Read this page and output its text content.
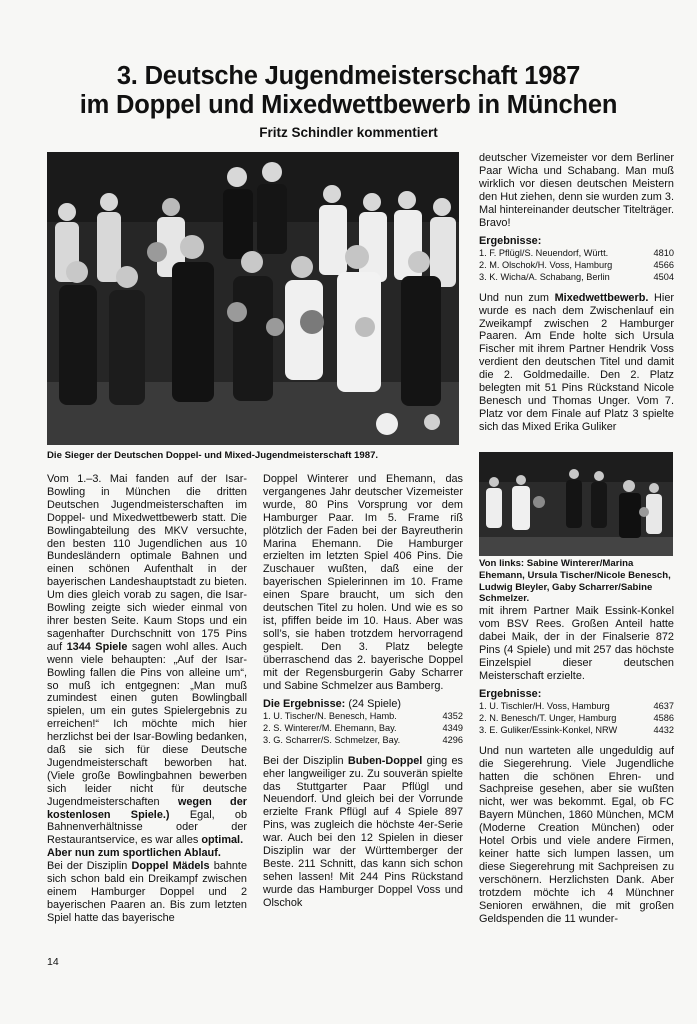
3. Deutsche Jugendmeisterschaft 1987
im Doppel und Mixedwettbewerb in München
Fritz Schindler kommentiert
Die Sieger der Deutschen Doppel- und Mixed-Jugendmeisterschaft 1987.

Vom 1.–3. Mai fanden auf der Isar-Bowling in München die dritten Deutschen Jugendmeisterschaften im Doppel- und Mixedwettbewerb statt. Die Bowlingabteilung des MKV versuchte, den besten 110 Jugendlichen aus 10 Bundesländern optimale Bahnen und einen schönen Aufenthalt in der bayerischen Landeshauptstadt zu bieten. Um dies gleich vorab zu sagen, die Isar-Bowling zeigte sich wieder einmal von ihrer besten Seite. Kaum Stops und ein sagenhafter Durchschnitt von 175 Pins auf 1344 Spiele sagen wohl alles. Auch wenn viele behaupten: „Auf der Isar-Bowling fallen die Pins von alleine um“, so muß ich entgegnen: „Man muß zumindest einen guten Bowlingball spielen, um ein gutes Spielergebnis zu erreichen!“ Ich möchte mich hier herzlichst bei der Isar-Bowling bedanken, daß sie sich für diese Deutsche Jugendmeisterschaft beworben hat. (Viele große Bowlingbahnen bewerben sich leider nicht für deutsche Jugendmeisterschaften wegen der kostenlosen Spiele.) Egal, ob Bahnenverhältnisse oder der Restaurantservice, es war alles optimal.

Aber nun zum sportlichen Ablauf.

Bei der Disziplin Doppel Mädels bahnte sich schon bald ein Dreikampf zwischen einem Hamburger Doppel und 2 bayerischen Paaren an. Bis zum letzten Spiel hatte das bayerische

Doppel Winterer und Ehemann, das vergangenes Jahr deutscher Vizemeister wurde, 80 Pins Vorsprung vor dem Hamburger Paar. Im 5. Frame riß plötzlich der Faden bei der Bayreutherin Marina Ehemann. Die Hamburger erzielten im letzten Spiel 406 Pins. Die Zuschauer wußten, daß eine der bayerischen Spielerinnen im 10. Frame einen Spare braucht, um sich den deutschen Titel zu holen. Und wie es so ist, pfiffen beide im 10. Haus. Aber was soll’s, sie haben trotzdem hervorragend gespielt. Den 3. Platz belegte überraschend das 2. bayerische Doppel mit der Regensburgerin Gaby Scharrer und Sabine Schmelzer aus Bamberg.

Die Ergebnisse: (24 Spiele)
1. U. Tischer/N. Benesch, Hamb.	4352
2. S. Winterer/M. Ehemann, Bay.	4349
3. G. Scharrer/S. Schmelzer, Bay.	4296

Bei der Disziplin Buben-Doppel ging es eher langweiliger zu. Zu souverän spielte das Stuttgarter Paar Pflügl und Neuendorf. Und gleich bei der Vorrunde erzielte Frank Pflügl auf 4 Spiele 897 Pins, was zugleich die höchste 4er-Serie war. Auch bei den 12 Spielen in dieser Disziplin war der Württemberger der Beste. 211 Schnitt, das kann sich schon sehen lassen! Mit 244 Pins Rückstand wurde das Hamburger Doppel Voss und Olschok

deutscher Vizemeister vor dem Berliner Paar Wicha und Schabang. Man muß wirklich vor diesen deutschen Meistern den Hut ziehen, denn sie wurden zum 3. Mal hintereinander deutscher Titelträger. Bravo!

Ergebnisse:
1. F. Pflügl/S. Neuendorf, Württ.	4810
2. M. Olschok/H. Voss, Hamburg	4566
3. K. Wicha/A. Schabang, Berlin	4504

Und nun zum Mixedwettbewerb. Hier wurde es nach dem Zwischenlauf ein Zweikampf zwischen 2 Hamburger Paaren. Am Ende holte sich Ursula Fischer mit ihrem Partner Hendrik Voss verdient den deutschen Titel und damit die 2. Goldmedaille. Den 2. Platz belegten mit 51 Pins Rückstand Nicole Benesch und Thomas Unger. Vom 7. Platz vor dem Finale auf Platz 3 spielte sich das Mixed Erika Guliker

Von links: Sabine Winterer/Marina Ehemann, Ursula Tischer/Nicole Benesch, Ludwig Bleyler, Gaby Scharrer/Sabine Schmelzer.

mit ihrem Partner Maik Essink-Konkel vom BSV Rees. Großen Anteil hatte dabei Maik, der in der Finalserie 872 Pins (4 Spiele) und mit 257 das höchste Einzelspiel dieser deutschen Meisterschaft erzielte.

Ergebnisse:
1. U. Tischler/H. Voss, Hamburg	4637
2. N. Benesch/T. Unger, Hamburg	4586
3. E. Guliker/Essink-Konkel, NRW	4432

Und nun warteten alle ungeduldig auf die Siegerehrung. Viele Jugendliche hatten die schönen Ehren- und Sachpreise gesehen, aber sie wußten nicht, wer was bekommt. Egal, ob FC Bayern München, 1860 München, MCM (Moderne Creation München) oder Hotel Orbis und viele andere Firmen, keiner hatte sich lumpen lassen, um diese Siegerehrung mit Sachpreisen zu verschönern. Herzlichsten Dank. Aber trotzdem möchte ich 4 Münchner Senioren erwähnen, die mit großen Geldspenden die 11 wunder-

14
